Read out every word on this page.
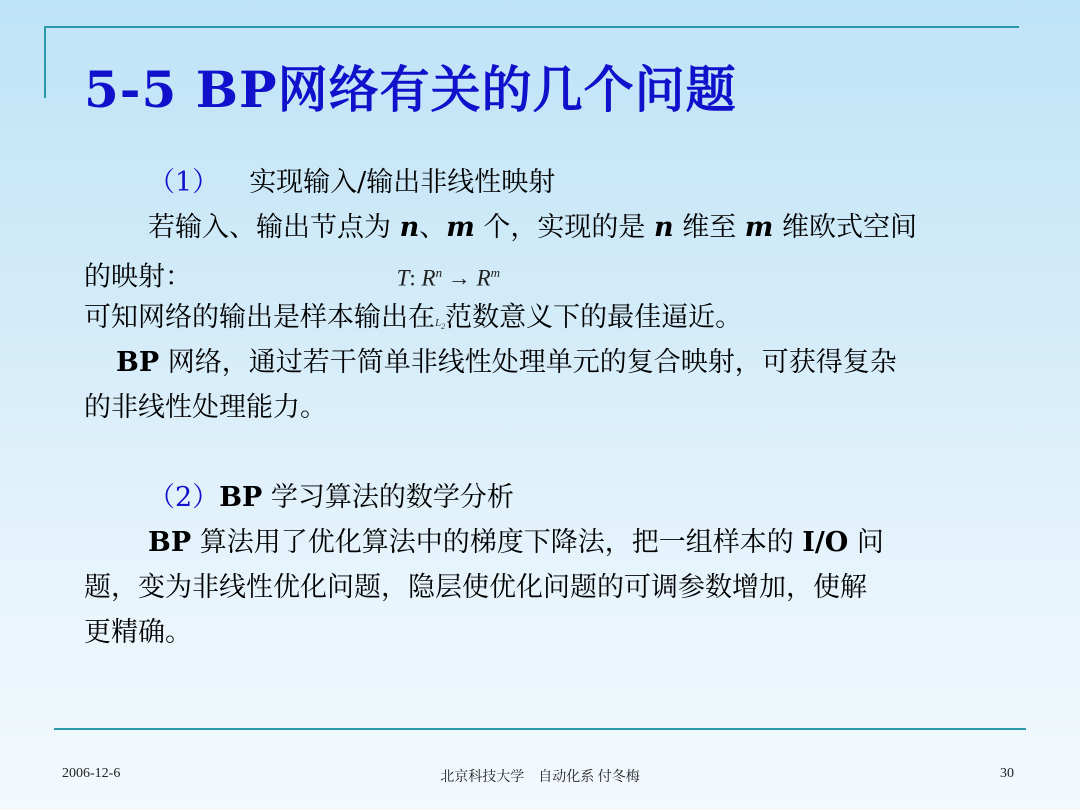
5-5 BP网络有关的几个问题
（1） 实现输入/输出非线性映射
若输入、输出节点为 n、m 个，实现的是 n 维至 m 维欧式空间
的映射：	T: $R^n \to R^m$
可知网络的输出是样本输出在$L_2$范数意义下的最佳逼近。
BP 网络，通过若干简单非线性处理单元的复合映射，可获得复杂
的非线性处理能力。
（2）BP 学习算法的数学分析
BP 算法用了优化算法中的梯度下降法，把一组样本的 I/O 问
题，变为非线性优化问题，隐层使优化问题的可调参数增加，使解
更精确。
2006-12-6	北京科技大学　自动化系 付冬梅	30
